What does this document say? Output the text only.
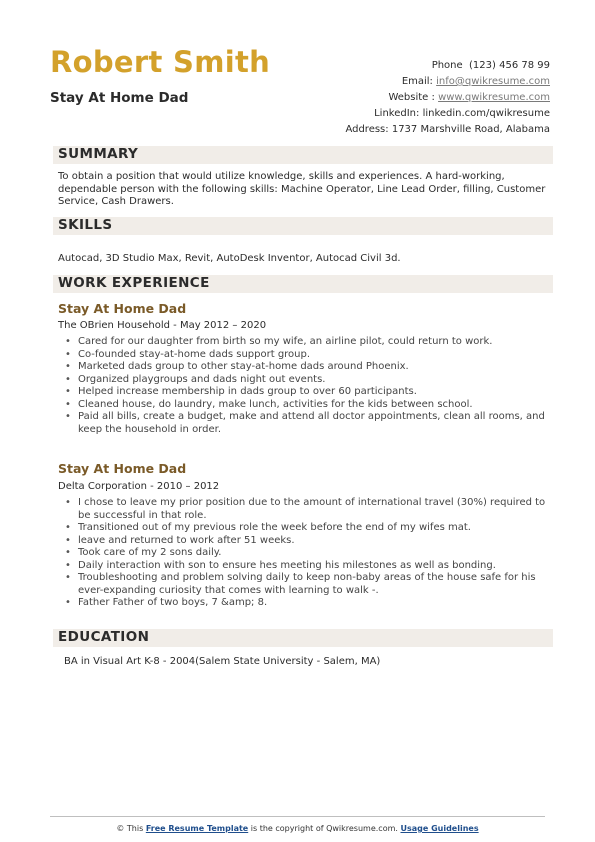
Robert Smith
Stay At Home Dad
Phone (123) 456 78 99
Email: info@qwikresume.com
Website : www.qwikresume.com
LinkedIn: linkedin.com/qwikresume
Address: 1737 Marshville Road, Alabama
SUMMARY
To obtain a position that would utilize knowledge, skills and experiences. A hard-working, dependable person with the following skills: Machine Operator, Line Lead Order, filling, Customer Service, Cash Drawers.
SKILLS
Autocad, 3D Studio Max, Revit, AutoDesk Inventor, Autocad Civil 3d.
WORK EXPERIENCE
Stay At Home Dad
The OBrien Household - May 2012 – 2020
• Cared for our daughter from birth so my wife, an airline pilot, could return to work.
• Co-founded stay-at-home dads support group.
• Marketed dads group to other stay-at-home dads around Phoenix.
• Organized playgroups and dads night out events.
• Helped increase membership in dads group to over 60 participants.
• Cleaned house, do laundry, make lunch, activities for the kids between school.
• Paid all bills, create a budget, make and attend all doctor appointments, clean all rooms, and keep the household in order.
Stay At Home Dad
Delta Corporation - 2010 – 2012
• I chose to leave my prior position due to the amount of international travel (30%) required to be successful in that role.
• Transitioned out of my previous role the week before the end of my wifes mat.
• leave and returned to work after 51 weeks.
• Took care of my 2 sons daily.
• Daily interaction with son to ensure hes meeting his milestones as well as bonding.
• Troubleshooting and problem solving daily to keep non-baby areas of the house safe for his ever-expanding curiosity that comes with learning to walk -.
• Father Father of two boys, 7 &amp; 8.
EDUCATION
BA in Visual Art K-8 - 2004(Salem State University - Salem, MA)
© This Free Resume Template is the copyright of Qwikresume.com. Usage Guidelines
